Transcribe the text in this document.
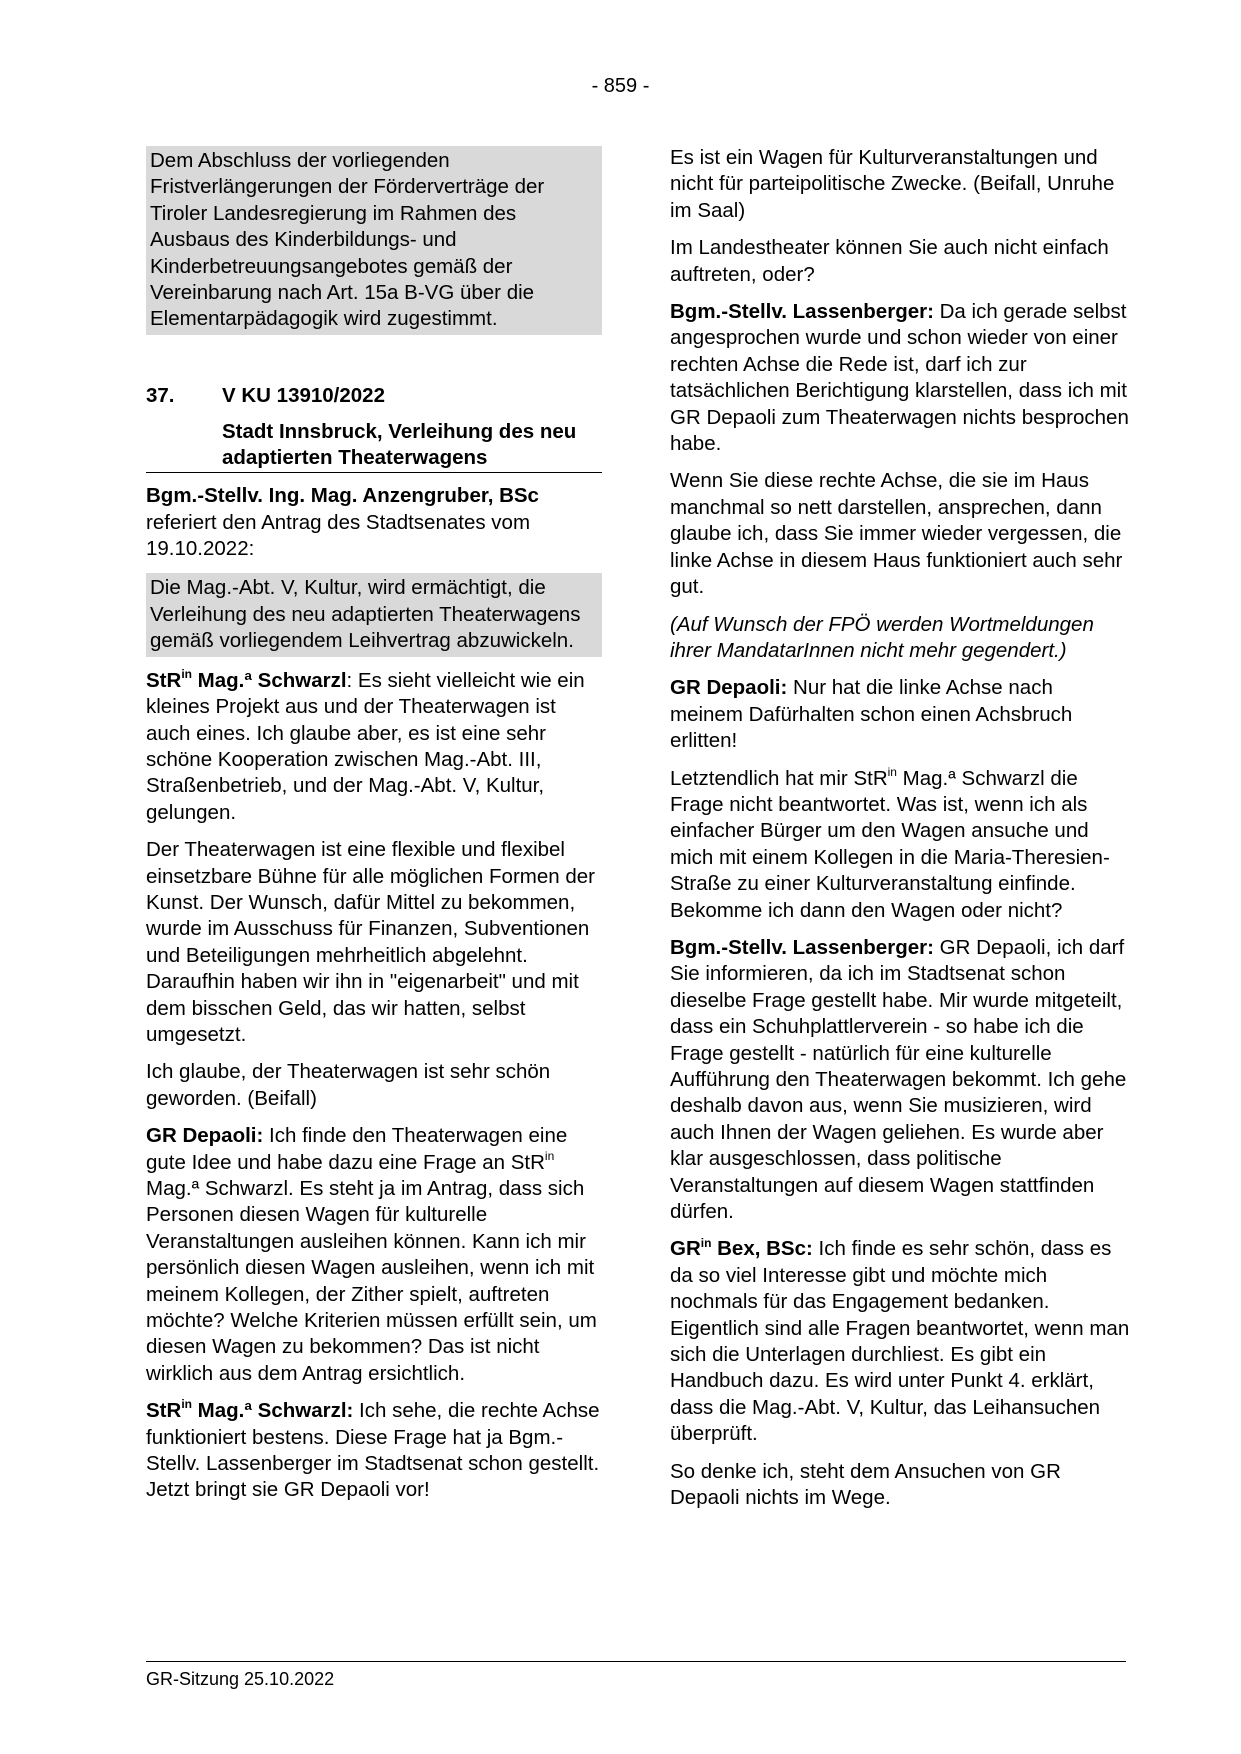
- 859 -

Dem Abschluss der vorliegenden Fristverlängerungen der Förderverträge der Tiroler Landesregierung im Rahmen des Ausbaus des Kinderbildungs- und Kinderbetreuungsangebotes gemäß der Vereinbarung nach Art. 15a B-VG über die Elementarpädagogik wird zugestimmt.

37.	V KU 13910/2022
Stadt Innsbruck, Verleihung des neu adaptierten Theaterwagens

Bgm.-Stellv. Ing. Mag. Anzengruber, BSc
referiert den Antrag des Stadtsenates vom 19.10.2022:

Die Mag.-Abt. V, Kultur, wird ermächtigt, die Verleihung des neu adaptierten Theaterwagens gemäß vorliegendem Leihvertrag abzuwickeln.

StR$^{in}$ Mag.ª Schwarzl: Es sieht vielleicht wie ein kleines Projekt aus und der Theaterwagen ist auch eines. Ich glaube aber, es ist eine sehr schöne Kooperation zwischen Mag.-Abt. III, Straßenbetrieb, und der Mag.-Abt. V, Kultur, gelungen.

Der Theaterwagen ist eine flexible und flexibel einsetzbare Bühne für alle möglichen Formen der Kunst. Der Wunsch, dafür Mittel zu bekommen, wurde im Ausschuss für Finanzen, Subventionen und Beteiligungen mehrheitlich abgelehnt. Daraufhin haben wir ihn in "eigenarbeit" und mit dem bisschen Geld, das wir hatten, selbst umgesetzt.

Ich glaube, der Theaterwagen ist sehr schön geworden. (Beifall)

GR Depaoli: Ich finde den Theaterwagen eine gute Idee und habe dazu eine Frage an StR$^{in}$ Mag.ª Schwarzl. Es steht ja im Antrag, dass sich Personen diesen Wagen für kulturelle Veranstaltungen ausleihen können. Kann ich mir persönlich diesen Wagen ausleihen, wenn ich mit meinem Kollegen, der Zither spielt, auftreten möchte? Welche Kriterien müssen erfüllt sein, um diesen Wagen zu bekommen? Das ist nicht wirklich aus dem Antrag ersichtlich.

StR$^{in}$ Mag.ª Schwarzl: Ich sehe, die rechte Achse funktioniert bestens. Diese Frage hat ja Bgm.-Stellv. Lassenberger im Stadtsenat schon gestellt. Jetzt bringt sie GR Depaoli vor!

Es ist ein Wagen für Kulturveranstaltungen und nicht für parteipolitische Zwecke. (Beifall, Unruhe im Saal)

Im Landestheater können Sie auch nicht einfach auftreten, oder?

Bgm.-Stellv. Lassenberger: Da ich gerade selbst angesprochen wurde und schon wieder von einer rechten Achse die Rede ist, darf ich zur tatsächlichen Berichtigung klarstellen, dass ich mit GR Depaoli zum Theaterwagen nichts besprochen habe.

Wenn Sie diese rechte Achse, die sie im Haus manchmal so nett darstellen, ansprechen, dann glaube ich, dass Sie immer wieder vergessen, die linke Achse in diesem Haus funktioniert auch sehr gut.

(Auf Wunsch der FPÖ werden Wortmeldungen ihrer MandatarInnen nicht mehr gegendert.)

GR Depaoli: Nur hat die linke Achse nach meinem Dafürhalten schon einen Achsbruch erlitten!

Letztendlich hat mir StR$^{in}$ Mag.ª Schwarzl die Frage nicht beantwortet. Was ist, wenn ich als einfacher Bürger um den Wagen ansuche und mich mit einem Kollegen in die Maria-Theresien-Straße zu einer Kulturveranstaltung einfinde. Bekomme ich dann den Wagen oder nicht?

Bgm.-Stellv. Lassenberger: GR Depaoli, ich darf Sie informieren, da ich im Stadtsenat schon dieselbe Frage gestellt habe. Mir wurde mitgeteilt, dass ein Schuhplattlerverein - so habe ich die Frage gestellt - natürlich für eine kulturelle Aufführung den Theaterwagen bekommt. Ich gehe deshalb davon aus, wenn Sie musizieren, wird auch Ihnen der Wagen geliehen. Es wurde aber klar ausgeschlossen, dass politische Veranstaltungen auf diesem Wagen stattfinden dürfen.

$GR^{in}$ Bex, BSc: Ich finde es sehr schön, dass es da so viel Interesse gibt und möchte mich nochmals für das Engagement bedanken. Eigentlich sind alle Fragen beantwortet, wenn man sich die Unterlagen durchliest. Es gibt ein Handbuch dazu. Es wird unter Punkt 4. erklärt, dass die Mag.-Abt. V, Kultur, das Leihansuchen überprüft.

So denke ich, steht dem Ansuchen von GR Depaoli nichts im Wege.

GR-Sitzung 25.10.2022
